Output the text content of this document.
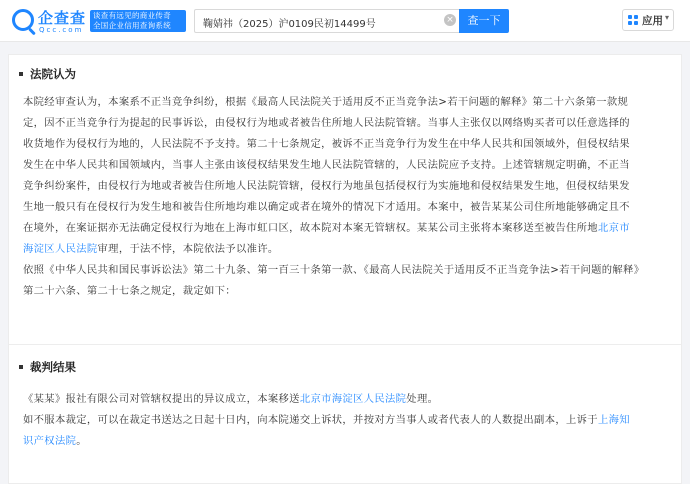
企查查
Qcc.com
谈查有远见的商业传奇
全国企业信用查询系统	鞠婧祎（2025）沪0109民初14499号	×	查一下	应用 ▾
法院认为
本院经审查认为，本案系不正当竞争纠纷，根据《最高人民法院关于适用反不正当竞争法>若干问题的解释》第二十六条第一款规
定，因不正当竞争行为提起的民事诉讼，由侵权行为地或者被告住所地人民法院管辖。当事人主张仅以网络购买者可以任意选择的
收货地作为侵权行为地的，人民法院不予支持。第二十七条规定，被诉不正当竞争行为发生在中华人民共和国领域外，但侵权结果
发生在中华人民共和国领域内，当事人主张由该侵权结果发生地人民法院管辖的，人民法院应予支持。上述管辖规定明确，不正当
竞争纠纷案件，由侵权行为地或者被告住所地人民法院管辖，侵权行为地虽包括侵权行为实施地和侵权结果发生地，但侵权结果发
生地一般只有在侵权行为发生地和被告住所地均难以确定或者在境外的情况下才适用。本案中，被告某某公司住所地能够确定且不
在境外，在案证据亦无法确定侵权行为地在上海市虹口区，故本院对本案无管辖权。某某公司主张将本案移送至被告住所地北京市
海淀区人民法院审理，于法不悖，本院依法予以准许。
依照《中华人民共和国民事诉讼法》第二十九条、第一百三十条第一款、《最高人民法院关于适用反不正当竞争法>若干问题的解释》
第二十六条、第二十七条之规定，裁定如下：
裁判结果
《某某》报社有限公司对管辖权提出的异议成立，本案移送北京市海淀区人民法院处理。
如不服本裁定，可以在裁定书送达之日起十日内，向本院递交上诉状，并按对方当事人或者代表人的人数提出副本，上诉于上海知
识产权法院。
